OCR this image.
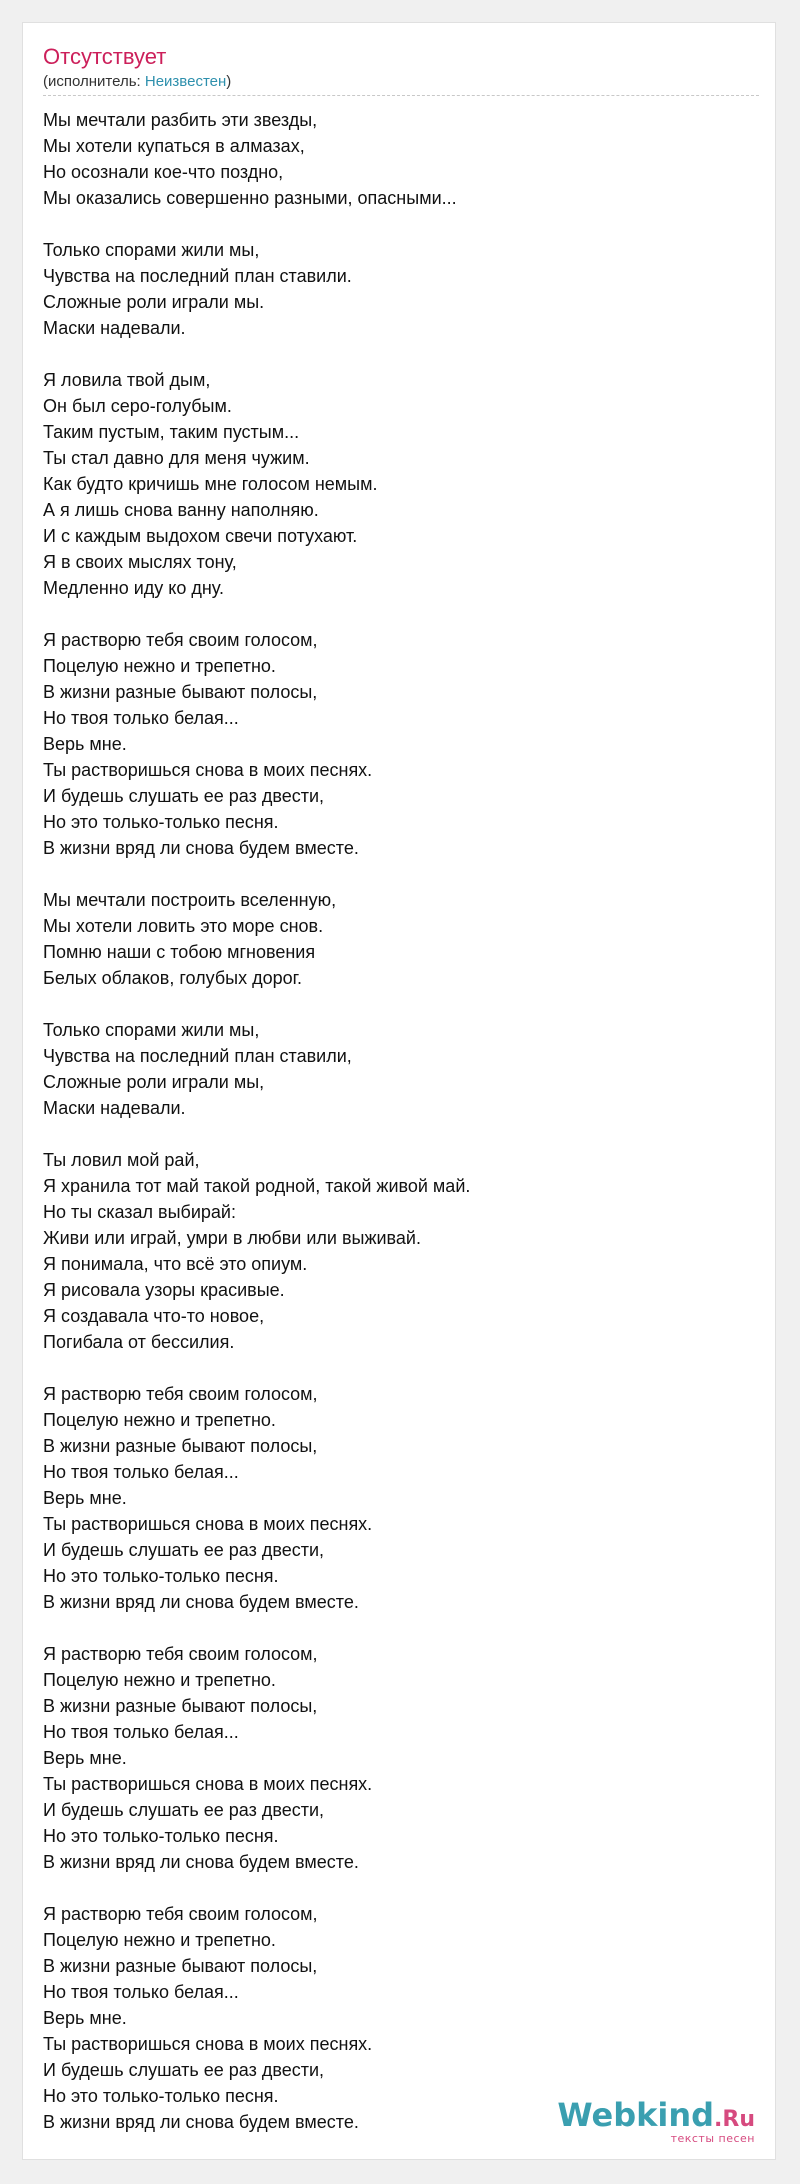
Отсутствует
(исполнитель: Неизвестен)
Мы мечтали разбить эти звезды,
Мы хотели купаться в алмазах,
Но осознали кое-что поздно,
Мы оказались совершенно разными, опасными...
Только спорами жили мы,
Чувства на последний план ставили.
Сложные роли играли мы.
Маски надевали.
Я ловила твой дым,
Он был серо-голубым.
Таким пустым, таким пустым...
Ты стал давно для меня чужим.
Как будто кричишь мне голосом немым.
А я лишь снова ванну наполняю.
И с каждым выдохом свечи потухают.
Я в своих мыслях тону,
Медленно иду ко дну.
Я растворю тебя своим голосом,
Поцелую нежно и трепетно.
В жизни разные бывают полосы,
Но твоя только белая...
Верь мне.
Ты растворишься снова в моих песнях.
И будешь слушать ее раз двести,
Но это только-только песня.
В жизни вряд ли снова будем вместе.
Мы мечтали построить вселенную,
Мы хотели ловить это море снов.
Помню наши с тобою мгновения
Белых облаков, голубых дорог.
Только спорами жили мы,
Чувства на последний план ставили,
Сложные роли играли мы,
Маски надевали.
Ты ловил мой рай,
Я хранила тот май такой родной, такой живой май.
Но ты сказал выбирай:
Живи или играй, умри в любви или выживай.
Я понимала, что всё это опиум.
Я рисовала узоры красивые.
Я создавала что-то новое,
Погибала от бессилия.
Я растворю тебя своим голосом,
Поцелую нежно и трепетно.
В жизни разные бывают полосы,
Но твоя только белая...
Верь мне.
Ты растворишься снова в моих песнях.
И будешь слушать ее раз двести,
Но это только-только песня.
В жизни вряд ли снова будем вместе.
Я растворю тебя своим голосом,
Поцелую нежно и трепетно.
В жизни разные бывают полосы,
Но твоя только белая...
Верь мне.
Ты растворишься снова в моих песнях.
И будешь слушать ее раз двести,
Но это только-только песня.
В жизни вряд ли снова будем вместе.
Я растворю тебя своим голосом,
Поцелую нежно и трепетно.
В жизни разные бывают полосы,
Но твоя только белая...
Верь мне.
Ты растворишься снова в моих песнях.
И будешь слушать ее раз двести,
Но это только-только песня.
В жизни вряд ли снова будем вместе.	Webkind.Ru
тексты песен
